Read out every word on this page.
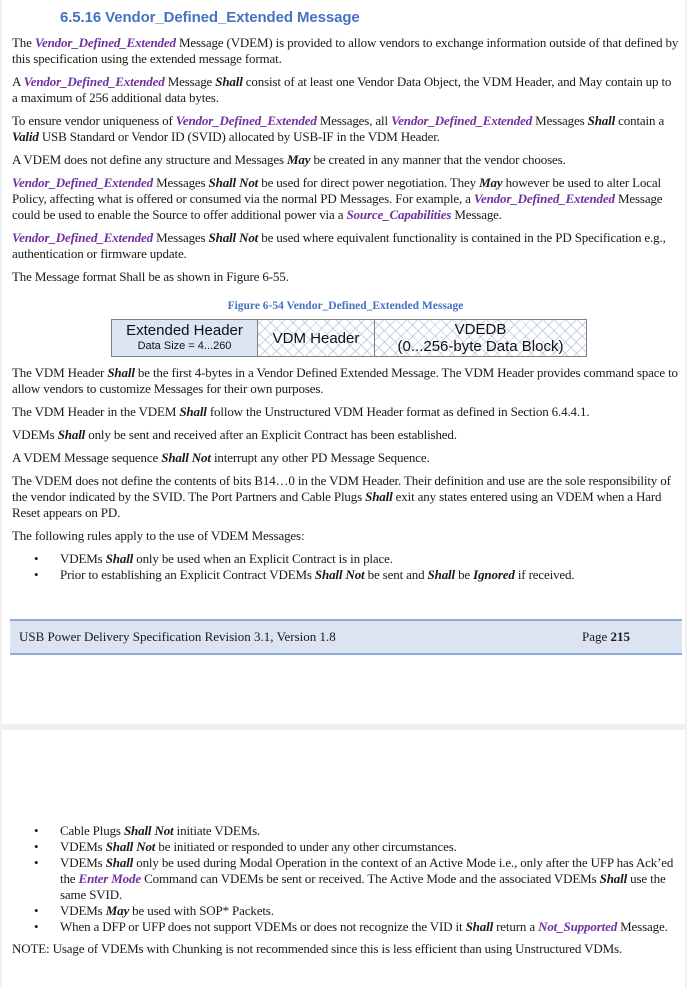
6.5.16 Vendor_Defined_Extended Message

The Vendor_Defined_Extended Message (VDEM) is provided to allow vendors to exchange information outside of that defined by this specification using the extended message format.

A Vendor_Defined_Extended Message Shall consist of at least one Vendor Data Object, the VDM Header, and May contain up to a maximum of 256 additional data bytes.

To ensure vendor uniqueness of Vendor_Defined_Extended Messages, all Vendor_Defined_Extended Messages Shall contain a Valid USB Standard or Vendor ID (SVID) allocated by USB-IF in the VDM Header.

A VDEM does not define any structure and Messages May be created in any manner that the vendor chooses.

Vendor_Defined_Extended Messages Shall Not be used for direct power negotiation. They May however be used to alter Local Policy, affecting what is offered or consumed via the normal PD Messages. For example, a Vendor_Defined_Extended Message could be used to enable the Source to offer additional power via a Source_Capabilities Message.

Vendor_Defined_Extended Messages Shall Not be used where equivalent functionality is contained in the PD Specification e.g., authentication or firmware update.

The Message format Shall be as shown in Figure 6-55.

Figure 6-54 Vendor_Defined_Extended Message
Extended Header
Data Size = 4...260	VDM Header	VDEDB
(0...256-byte Data Block)

The VDM Header Shall be the first 4-bytes in a Vendor Defined Extended Message. The VDM Header provides command space to allow vendors to customize Messages for their own purposes.

The VDM Header in the VDEM Shall follow the Unstructured VDM Header format as defined in Section 6.4.4.1.

VDEMs Shall only be sent and received after an Explicit Contract has been established.

A VDEM Message sequence Shall Not interrupt any other PD Message Sequence.

The VDEM does not define the contents of bits B14…0 in the VDM Header. Their definition and use are the sole responsibility of the vendor indicated by the SVID. The Port Partners and Cable Plugs Shall exit any states entered using an VDEM when a Hard Reset appears on PD.

The following rules apply to the use of VDEM Messages:

• VDEMs Shall only be used when an Explicit Contract is in place.
• Prior to establishing an Explicit Contract VDEMs Shall Not be sent and Shall be Ignored if received.
USB Power Delivery Specification Revision 3.1, Version 1.8	Page 215
• Cable Plugs Shall Not initiate VDEMs.
• VDEMs Shall Not be initiated or responded to under any other circumstances.
• VDEMs Shall only be used during Modal Operation in the context of an Active Mode i.e., only after the UFP has Ack’ed the Enter Mode Command can VDEMs be sent or received. The Active Mode and the associated VDEMs Shall use the same SVID.
• VDEMs May be used with SOP* Packets.
• When a DFP or UFP does not support VDEMs or does not recognize the VID it Shall return a Not_Supported Message.

NOTE: Usage of VDEMs with Chunking is not recommended since this is less efficient than using Unstructured VDMs.
